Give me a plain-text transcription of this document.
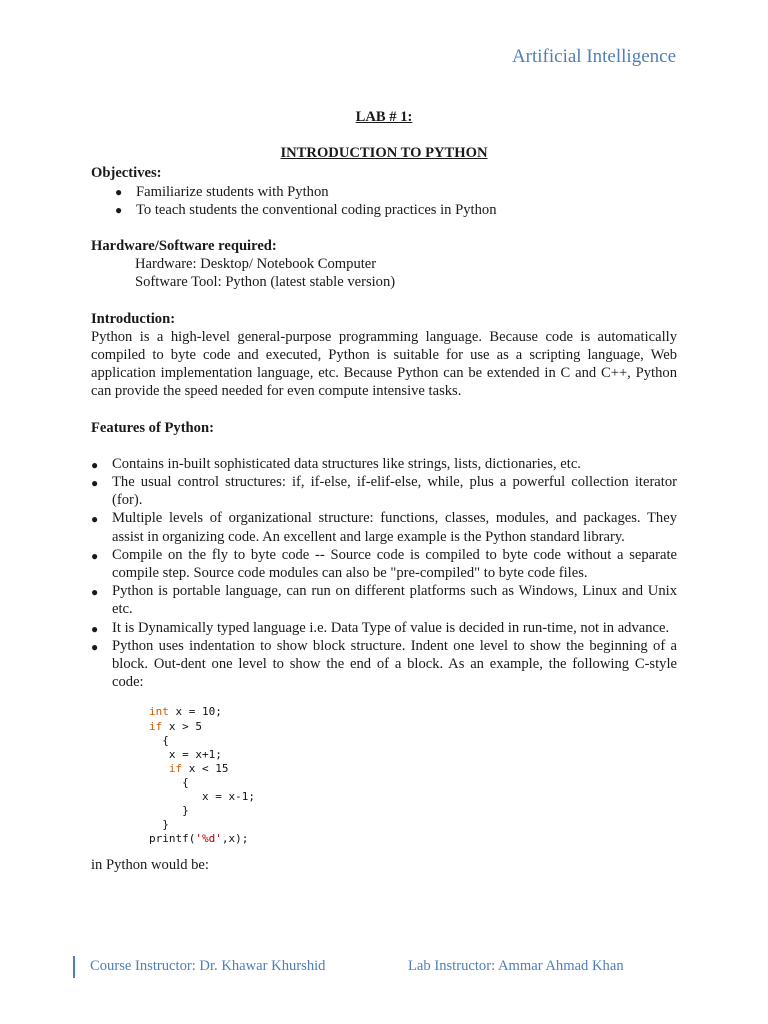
Artificial Intelligence

LAB # 1:

INTRODUCTION TO PYTHON

Objectives:

● Familiarize students with Python
● To teach students the conventional coding practices in Python

Hardware/Software required:

Hardware: Desktop/ Notebook Computer
Software Tool: Python (latest stable version)

Introduction:

Python is a high-level general-purpose programming language. Because code is automatically compiled to byte code and executed, Python is suitable for use as a scripting language, Web application implementation language, etc. Because Python can be extended in C and C++, Python can provide the speed needed for even compute intensive tasks.

Features of Python:

● Contains in-built sophisticated data structures like strings, lists, dictionaries, etc.
● The usual control structures: if, if-else, if-elif-else, while, plus a powerful collection iterator (for).
● Multiple levels of organizational structure: functions, classes, modules, and packages. They assist in organizing code. An excellent and large example is the Python standard library.
● Compile on the fly to byte code -- Source code is compiled to byte code without a separate compile step. Source code modules can also be "pre-compiled" to byte code files.
● Python is portable language, can run on different platforms such as Windows, Linux and Unix etc.
● It is Dynamically typed language i.e. Data Type of value is decided in run-time, not in advance.
● Python uses indentation to show block structure. Indent one level to show the beginning of a block. Out-dent one level to show the end of a block. As an example, the following C-style code:
int x = 10;
if x > 5
{
x = x+1;
if x < 15
{
x = x-1;
}
}
printf('%d',x);

in Python would be:

Course Instructor: Dr. Khawar Khurshid	Lab Instructor: Ammar Ahmad Khan
